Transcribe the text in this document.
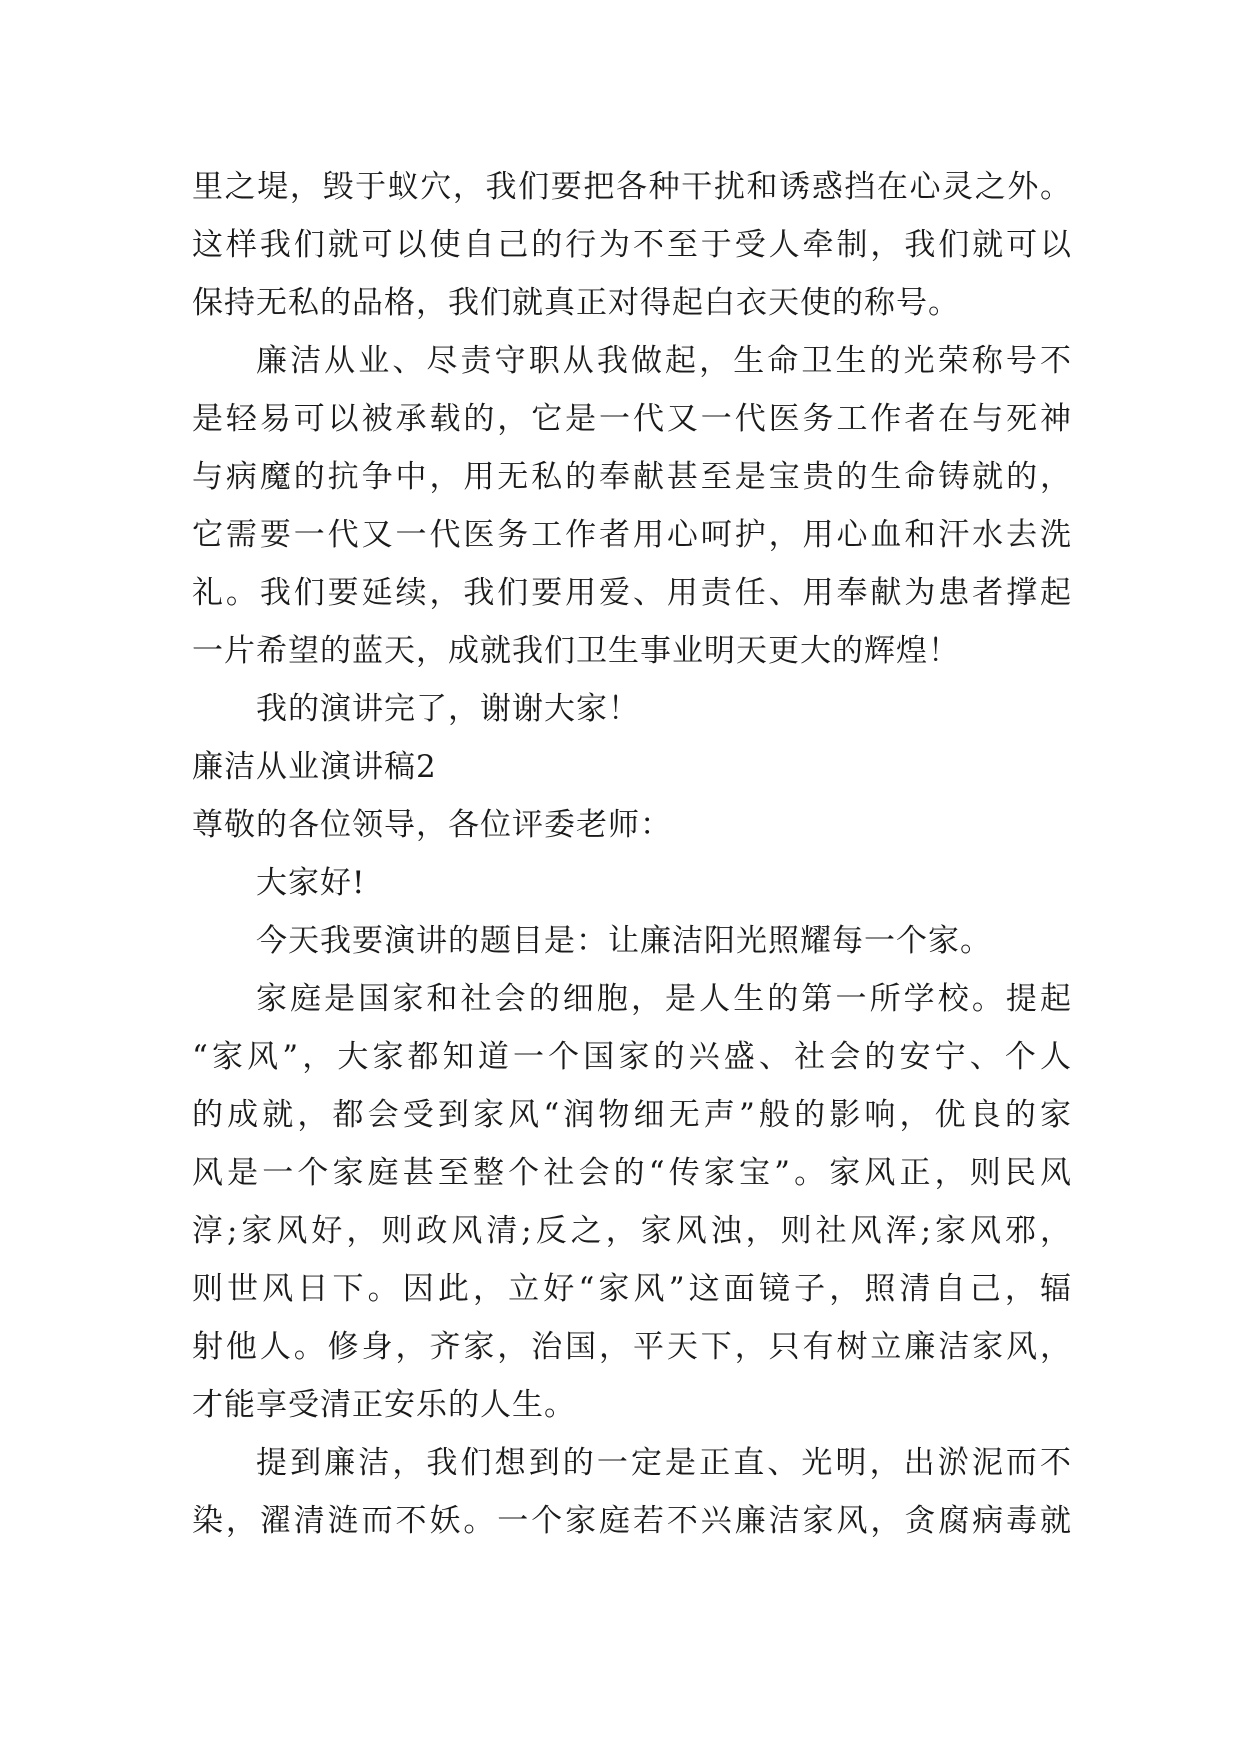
里之堤，毁于蚁穴，我们要把各种干扰和诱惑挡在心灵之外。
这样我们就可以使自己的行为不至于受人牵制，我们就可以
保持无私的品格，我们就真正对得起白衣天使的称号。
廉洁从业、尽责守职从我做起，生命卫生的光荣称号不
是轻易可以被承载的，它是一代又一代医务工作者在与死神
与病魔的抗争中，用无私的奉献甚至是宝贵的生命铸就的，
它需要一代又一代医务工作者用心呵护，用心血和汗水去洗
礼。我们要延续，我们要用爱、用责任、用奉献为患者撑起
一片希望的蓝天，成就我们卫生事业明天更大的辉煌！
我的演讲完了，谢谢大家！
廉洁从业演讲稿2
尊敬的各位领导，各位评委老师：
大家好!
今天我要演讲的题目是：让廉洁阳光照耀每一个家。
家庭是国家和社会的细胞，是人生的第一所学校。提起
“家风”，大家都知道一个国家的兴盛、社会的安宁、个人
的成就，都会受到家风“润物细无声”般的影响，优良的家
风是一个家庭甚至整个社会的“传家宝”。家风正，则民风
淳;家风好，则政风清;反之，家风浊，则社风浑;家风邪，
则世风日下。因此，立好“家风”这面镜子，照清自己，辐
射他人。修身，齐家，治国，平天下，只有树立廉洁家风，
才能享受清正安乐的人生。
提到廉洁，我们想到的一定是正直、光明，出淤泥而不
染，濯清涟而不妖。一个家庭若不兴廉洁家风，贪腐病毒就
